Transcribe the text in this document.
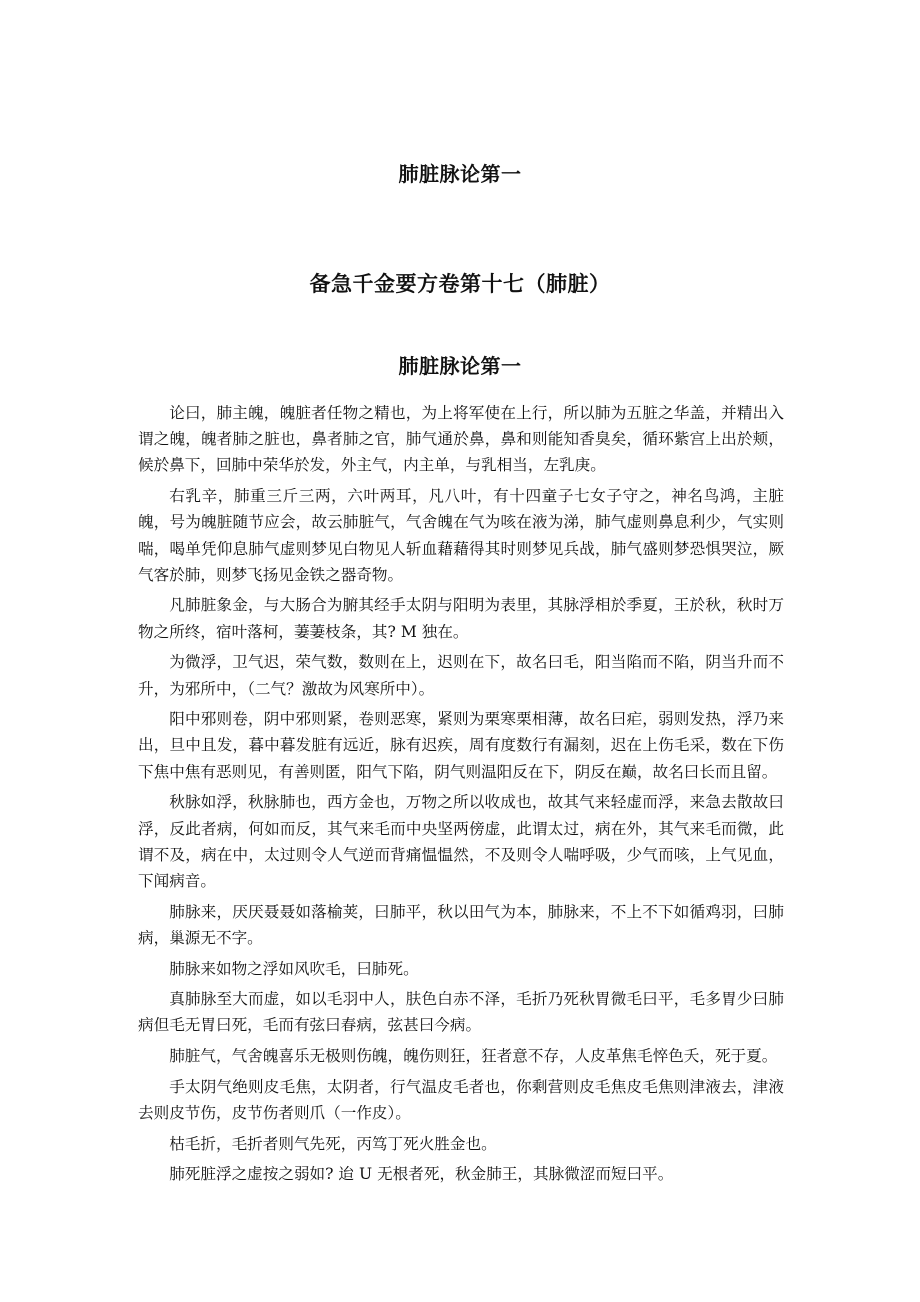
肺脏脉论第一
备急千金要方卷第十七（肺脏）
肺脏脉论第一

论曰，肺主魄，魄脏者任物之精也，为上将军使在上行，所以肺为五脏之华盖，并精出入谓之魄，魄者肺之脏也，鼻者肺之官，肺气通於鼻，鼻和则能知香臭矣，循环紫宫上出於颊，候於鼻下，回肺中荣华於发，外主气，内主单，与乳相当，左乳庚。

右乳辛，肺重三斤三两，六叶两耳，凡八叶，有十四童子七女子守之，神名鸟鸿，主脏魄，号为魄脏随节应会，故云肺脏气，气舍魄在气为咳在液为涕，肺气虚则鼻息利少，气实则喘，喝单凭仰息肺气虚则梦见白物见人斩血藉藉得其时则梦见兵战，肺气盛则梦恐惧哭泣，厥气客於肺，则梦飞扬见金铁之器奇物。

凡肺脏象金，与大肠合为腑其经手太阴与阳明为表里，其脉浮相於季夏，王於秋，秋时万物之所终，宿叶落柯，萋萋枝条，其? M 独在。

为微浮，卫气迟，荣气数，数则在上，迟则在下，故名曰毛，阳当陷而不陷，阴当升而不升，为邪所中，（二气？激故为风寒所中）。

阳中邪则卷，阴中邪则紧，卷则恶寒，紧则为栗寒栗相薄，故名曰疟，弱则发热，浮乃来出，旦中且发，暮中暮发脏有远近，脉有迟疾，周有度数行有漏刻，迟在上伤毛采，数在下伤下焦中焦有恶则见，有善则匿，阳气下陷，阴气则温阳反在下，阴反在巅，故名曰长而且留。

秋脉如浮，秋脉肺也，西方金也，万物之所以收成也，故其气来轻虚而浮，来急去散故曰浮，反此者病，何如而反，其气来毛而中央坚两傍虚，此谓太过，病在外，其气来毛而微，此谓不及，病在中，太过则令人气逆而背痛愠愠然，不及则令人喘呼吸，少气而咳，上气见血，下闻病音。

肺脉来，厌厌聂聂如落榆荚，曰肺平，秋以田气为本，肺脉来，不上不下如循鸡羽，曰肺病，巢源无不字。

肺脉来如物之浮如风吹毛，曰肺死。

真肺脉至大而虚，如以毛羽中人，肤色白赤不泽，毛折乃死秋胃微毛曰平，毛多胃少曰肺病但毛无胃曰死，毛而有弦曰春病，弦甚曰今病。

肺脏气，气舍魄喜乐无极则伤魄，魄伤则狂，狂者意不存，人皮革焦毛悴色夭，死于夏。

手太阴气绝则皮毛焦，太阴者，行气温皮毛者也，你剩营则皮毛焦皮毛焦则津液去，津液去则皮节伤，皮节伤者则爪（一作皮）。

枯毛折，毛折者则气先死，丙笃丁死火胜金也。

肺死脏浮之虚按之弱如? 迨 U 无根者死，秋金肺王，其脉微涩而短曰平。
